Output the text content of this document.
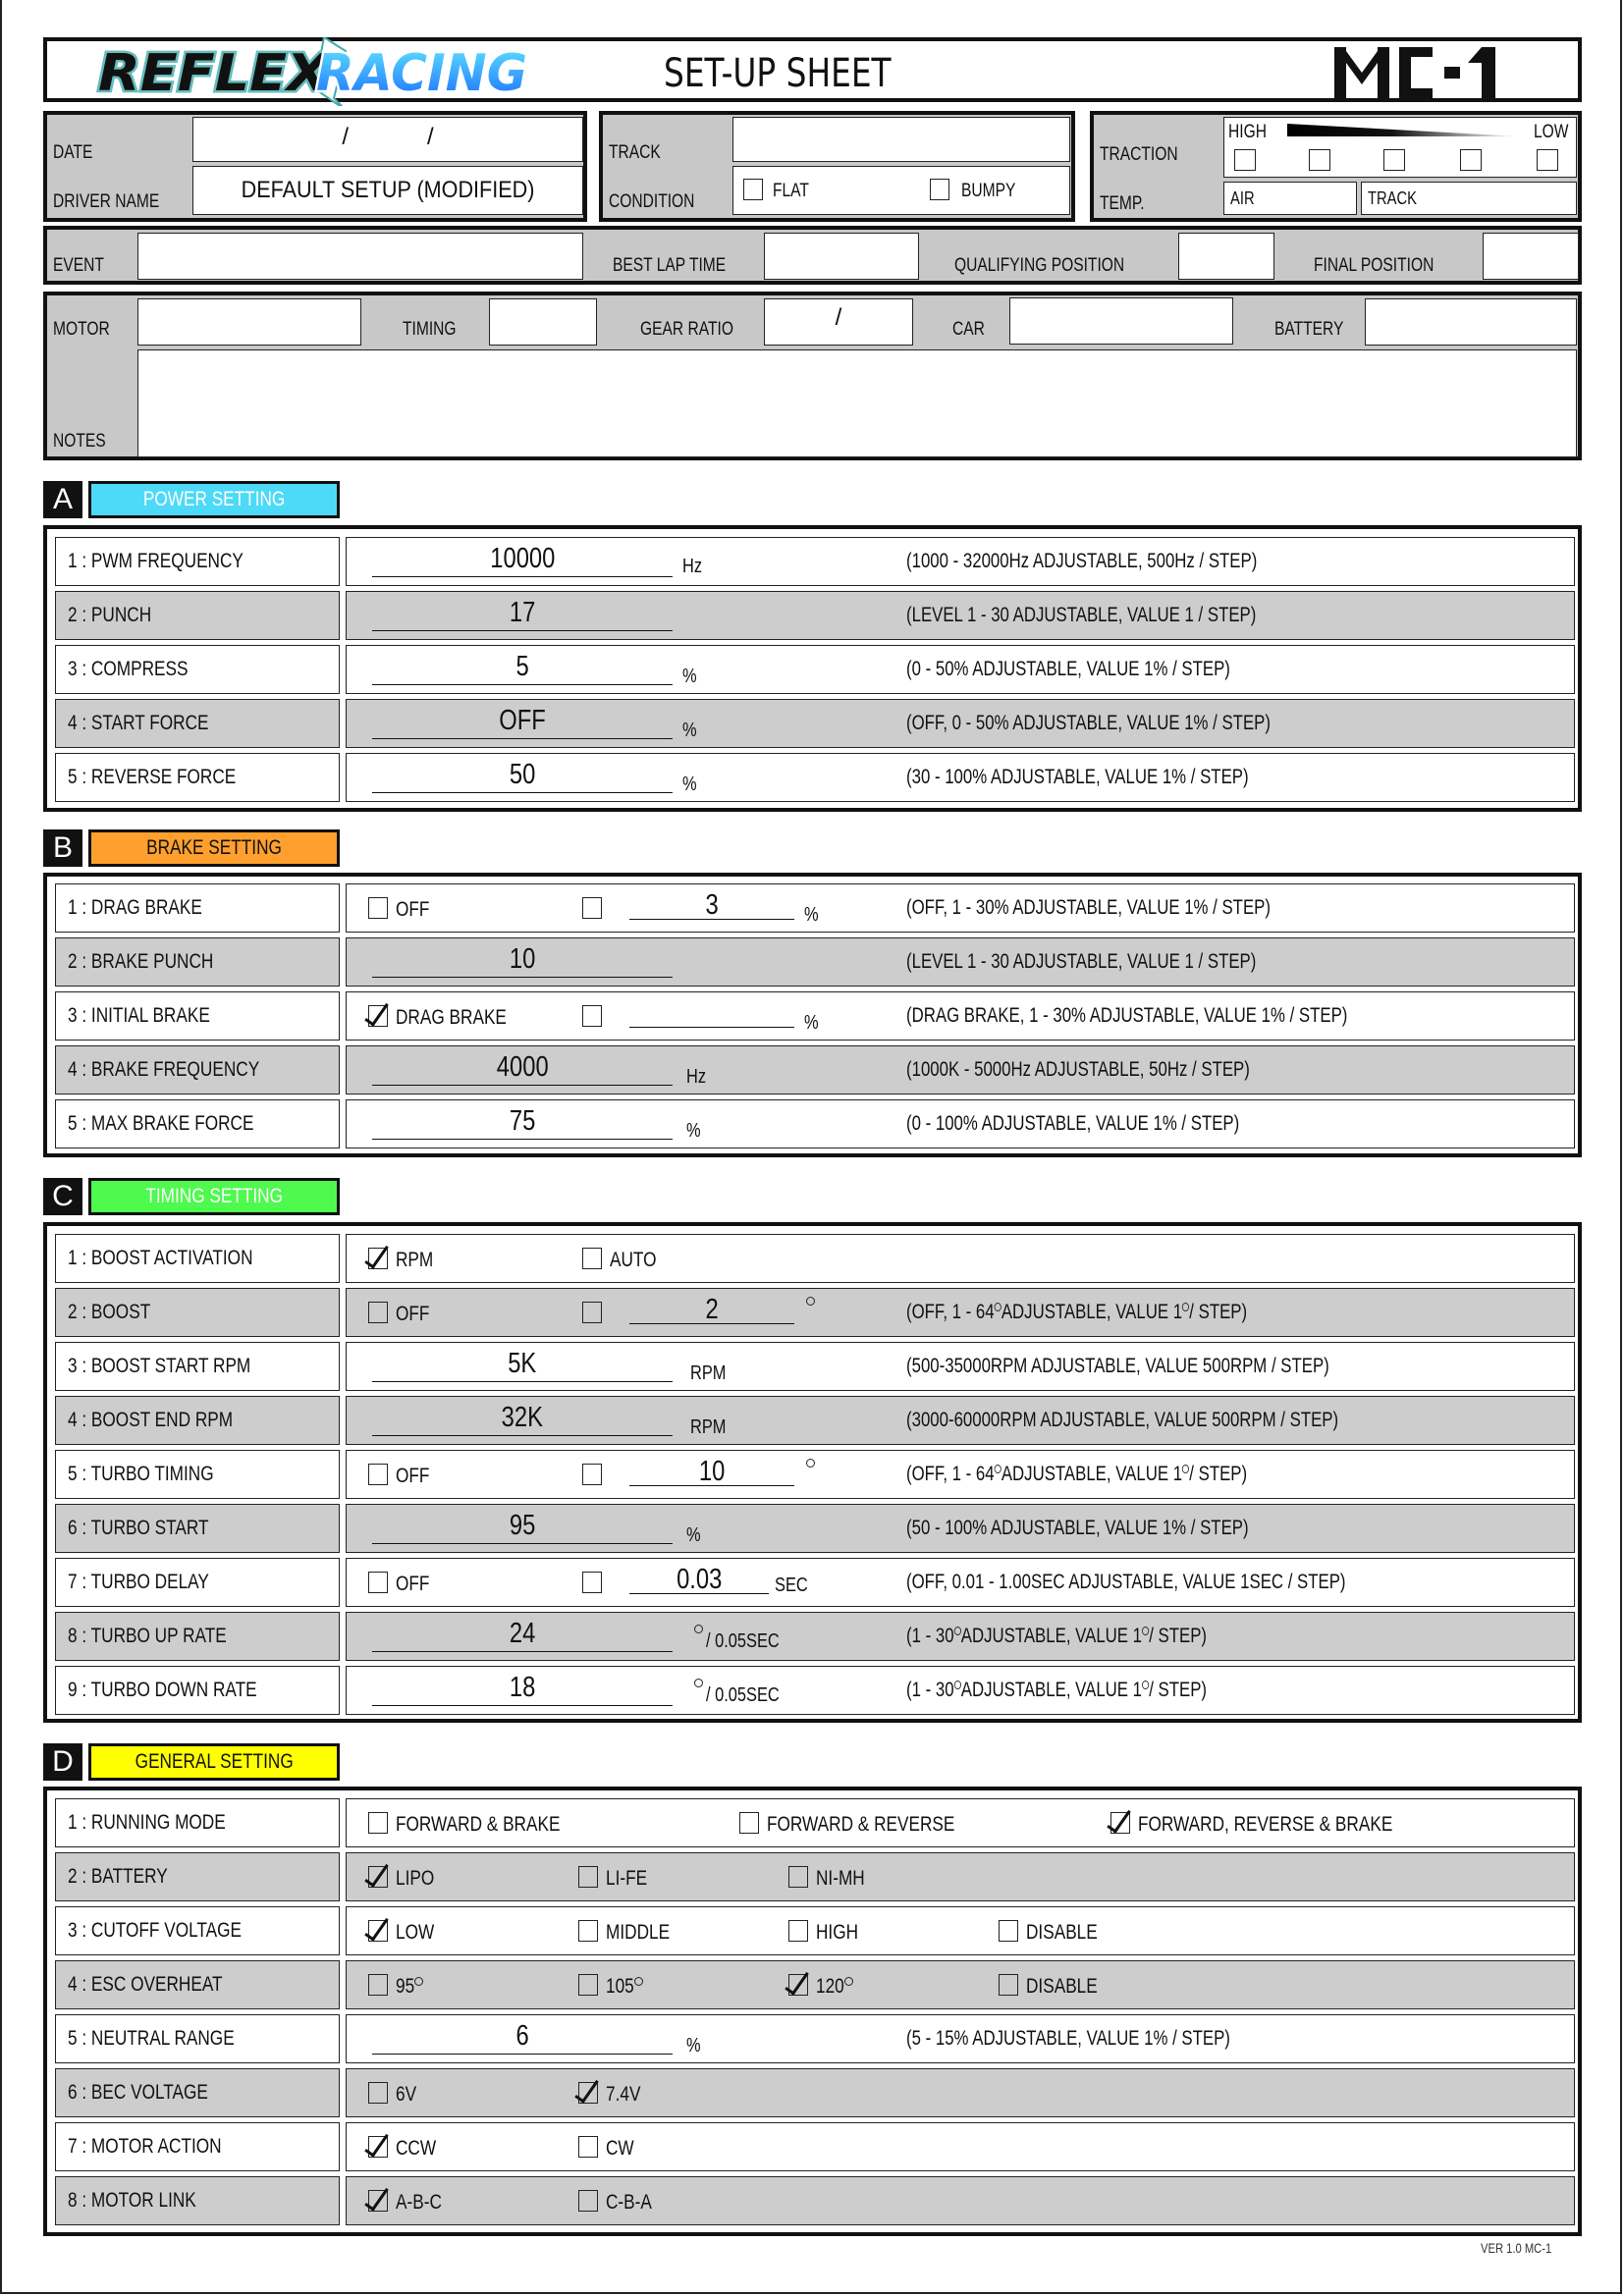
REFLEX
RACING	SET-UP SHEET
DATE
/            /
DRIVER NAME	DEFAULT SETUP (MODIFIED)
TRACK
CONDITION
FLAT	BUMPY
TRACTION
HIGH	LOW
TEMP.	AIR	TRACK
EVENT	BEST LAP TIME	QUALIFYING POSITION	FINAL POSITION
MOTOR	TIMING	GEAR RATIO	/	CAR	BATTERY
NOTES
A	POWER SETTING
1 : PWM FREQUENCY	10000	Hz	(1000 - 32000Hz ADJUSTABLE, 500Hz / STEP)
2 : PUNCH	17	(LEVEL 1 - 30 ADJUSTABLE, VALUE 1 / STEP)
3 : COMPRESS	5	%	(0 - 50% ADJUSTABLE, VALUE 1% / STEP)
4 : START FORCE	OFF	%	(OFF, 0 - 50% ADJUSTABLE, VALUE 1% / STEP)
5 : REVERSE FORCE	50	%	(30 - 100% ADJUSTABLE, VALUE 1% / STEP)
B	BRAKE SETTING
1 : DRAG BRAKE	OFF	3	%	(OFF, 1 - 30% ADJUSTABLE, VALUE 1% / STEP)
2 : BRAKE PUNCH	10	(LEVEL 1 - 30 ADJUSTABLE, VALUE 1 / STEP)
3 : INITIAL BRAKE	DRAG BRAKE	%	(DRAG BRAKE, 1 - 30% ADJUSTABLE, VALUE 1% / STEP)
4 : BRAKE FREQUENCY	4000	Hz	(1000K - 5000Hz ADJUSTABLE, 50Hz / STEP)
5 : MAX BRAKE FORCE	75	%	(0 - 100% ADJUSTABLE, VALUE 1% / STEP)
C	TIMING SETTING
1 : BOOST ACTIVATION	RPM	AUTO
2 : BOOST	OFF	2	(OFF, 1 - 64 ADJUSTABLE, VALUE 1 / STEP)
3 : BOOST START RPM	5K	RPM	(500-35000RPM ADJUSTABLE, VALUE 500RPM / STEP)
4 : BOOST END RPM	32K	RPM	(3000-60000RPM ADJUSTABLE, VALUE 500RPM / STEP)
5 : TURBO TIMING	OFF	10	(OFF, 1 - 64 ADJUSTABLE, VALUE 1 / STEP)
6 : TURBO START	95	%	(50 - 100% ADJUSTABLE, VALUE 1% / STEP)
7 : TURBO DELAY	OFF	0.03	SEC	(OFF, 0.01 - 1.00SEC ADJUSTABLE, VALUE 1SEC / STEP)
8 : TURBO UP RATE	24	/ 0.05SEC	(1 - 30 ADJUSTABLE, VALUE 1 / STEP)
9 : TURBO DOWN RATE	18	/ 0.05SEC	(1 - 30 ADJUSTABLE, VALUE 1 / STEP)
D	GENERAL SETTING
1 : RUNNING MODE	FORWARD & BRAKE	FORWARD & REVERSE	FORWARD, REVERSE & BRAKE
2 : BATTERY	LIPO	LI-FE	NI-MH
3 : CUTOFF VOLTAGE	LOW	MIDDLE	HIGH	DISABLE
4 : ESC OVERHEAT	95	105	120	DISABLE
5 : NEUTRAL RANGE	6	%	(5 - 15% ADJUSTABLE, VALUE 1% / STEP)
6 : BEC VOLTAGE	6V	7.4V
7 : MOTOR ACTION	CCW	CW
8 : MOTOR LINK	A-B-C	C-B-A
VER 1.0 MC-1
